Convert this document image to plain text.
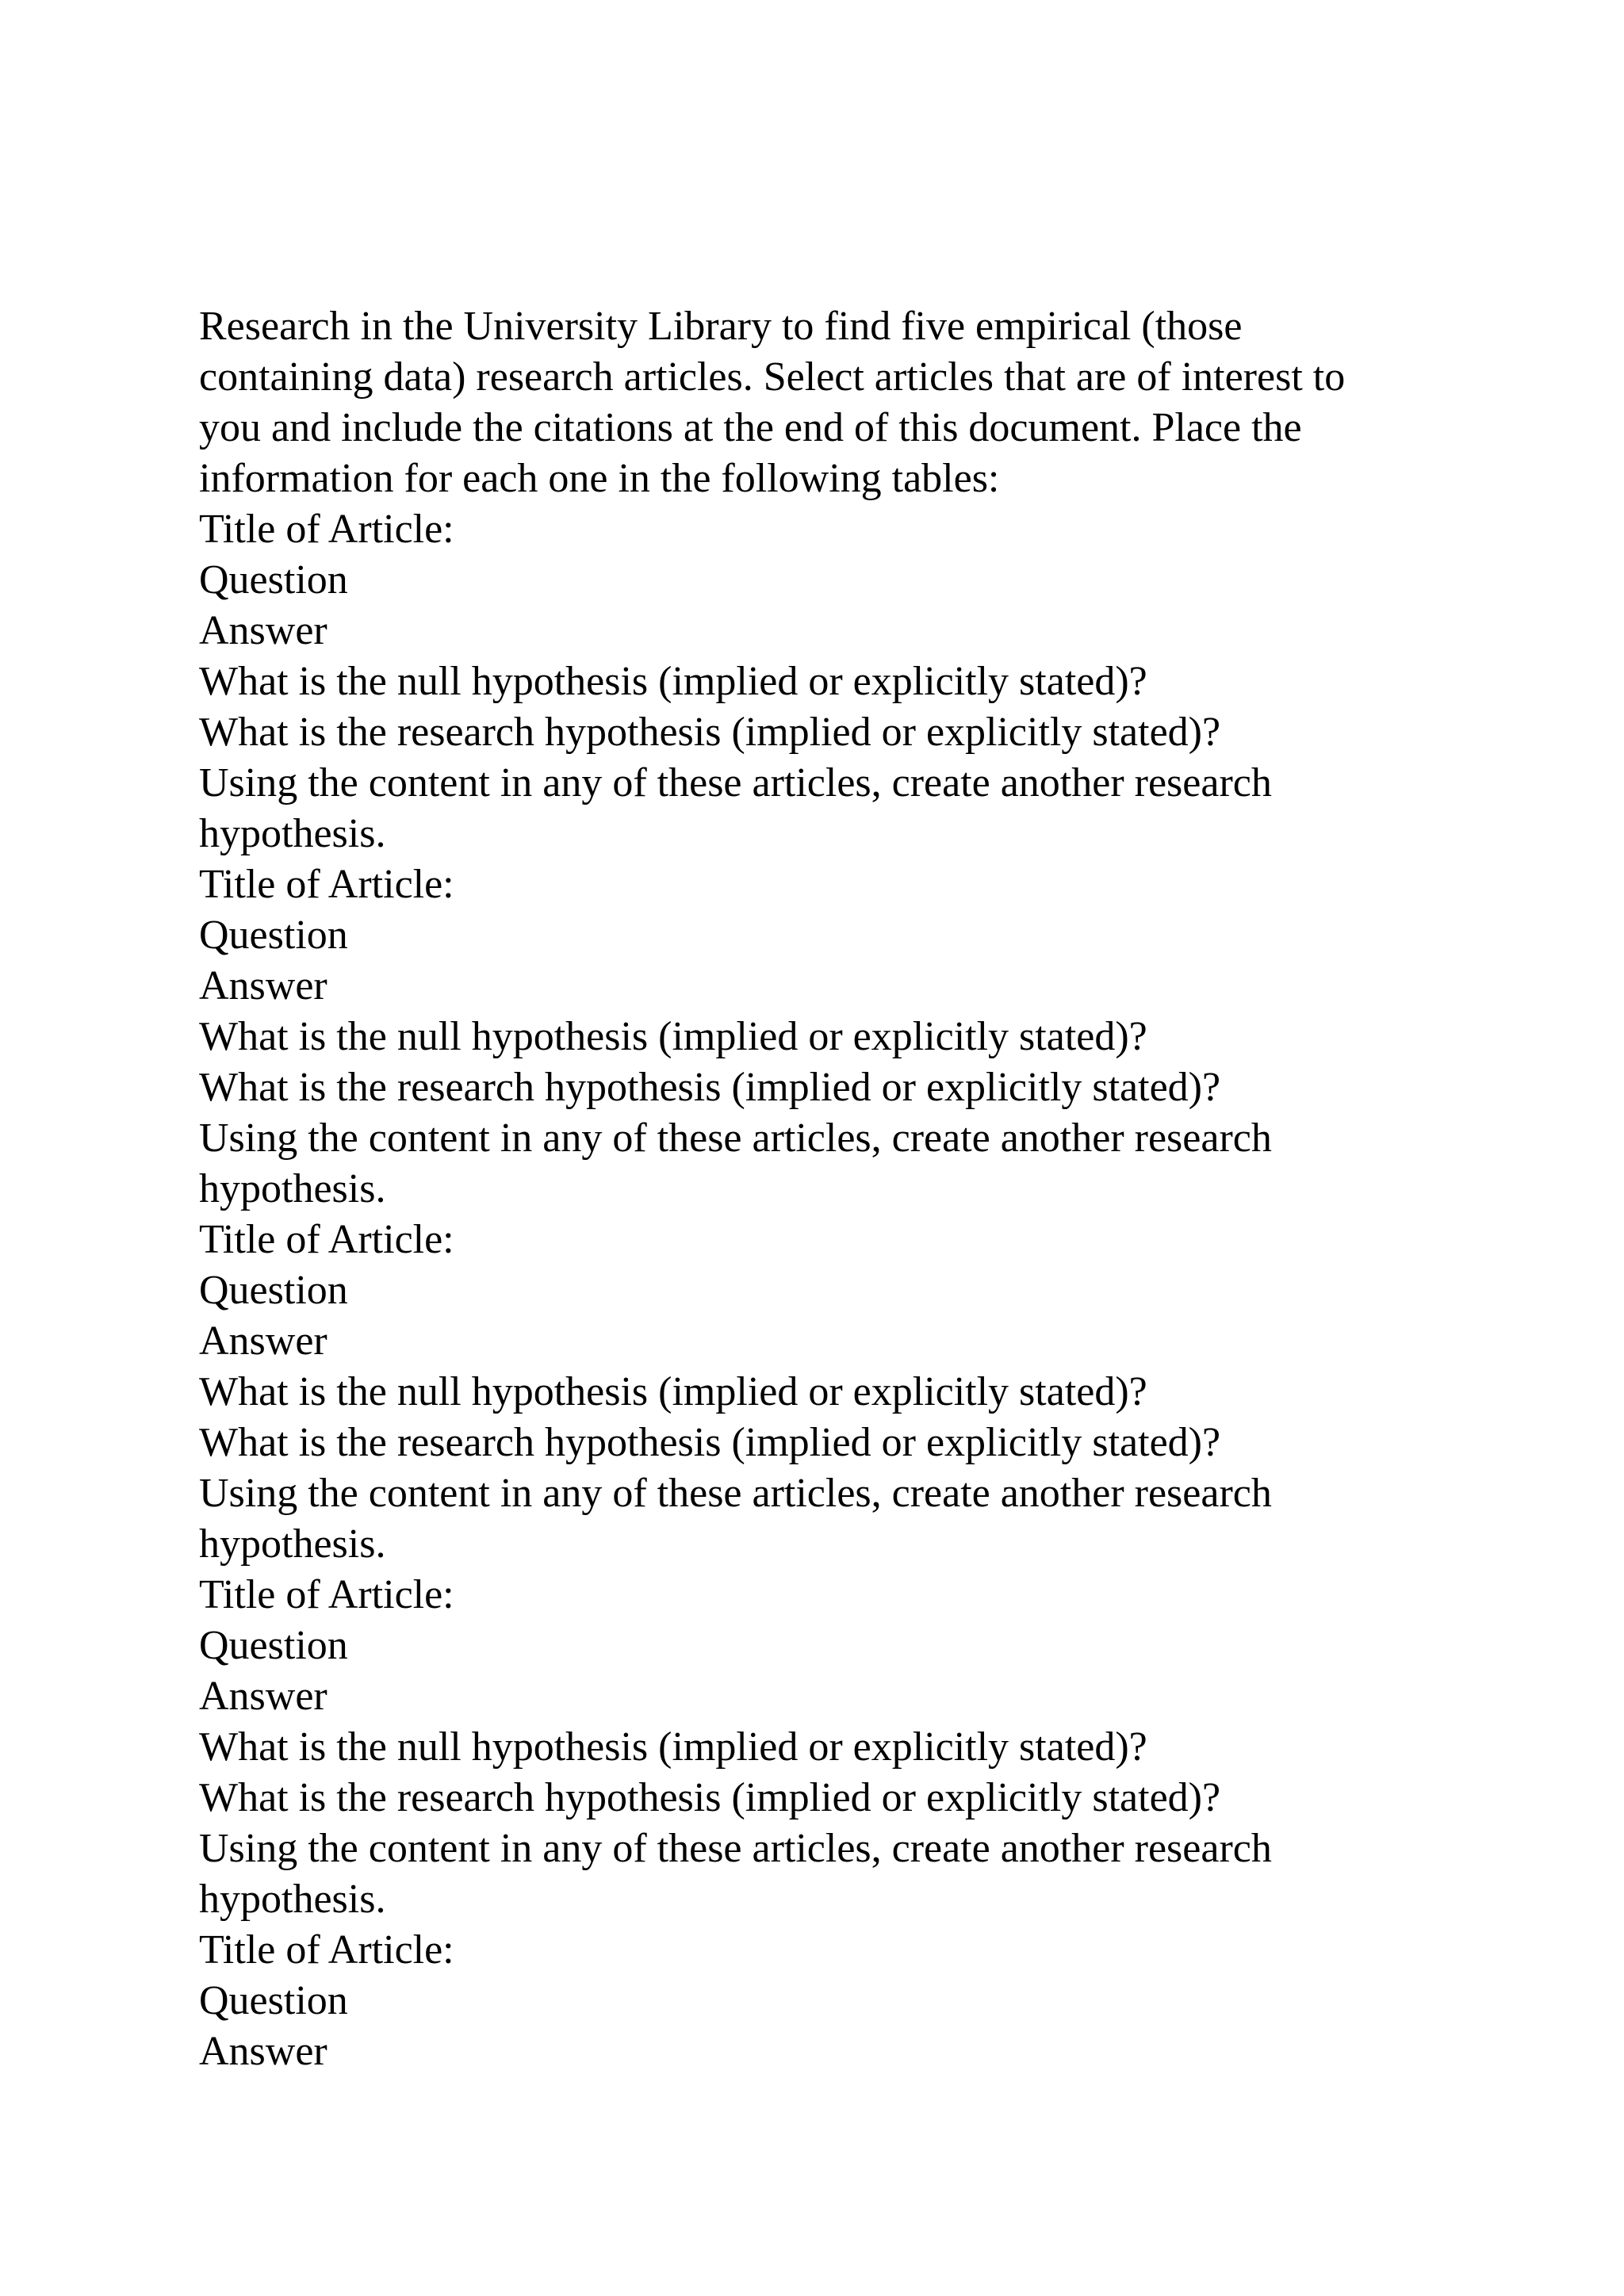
Research in the University Library to find five empirical (those
containing data) research articles. Select articles that are of interest to
you and include the citations at the end of this document. Place the
information for each one in the following tables:

Title of Article:

Question

Answer

What is the null hypothesis (implied or explicitly stated)?

What is the research hypothesis (implied or explicitly stated)?

Using the content in any of these articles, create another research
hypothesis.

Title of Article:

Question

Answer

What is the null hypothesis (implied or explicitly stated)?

What is the research hypothesis (implied or explicitly stated)?

Using the content in any of these articles, create another research
hypothesis.

Title of Article:

Question

Answer

What is the null hypothesis (implied or explicitly stated)?

What is the research hypothesis (implied or explicitly stated)?

Using the content in any of these articles, create another research
hypothesis.

Title of Article:

Question

Answer

What is the null hypothesis (implied or explicitly stated)?

What is the research hypothesis (implied or explicitly stated)?

Using the content in any of these articles, create another research
hypothesis.

Title of Article:

Question

Answer
